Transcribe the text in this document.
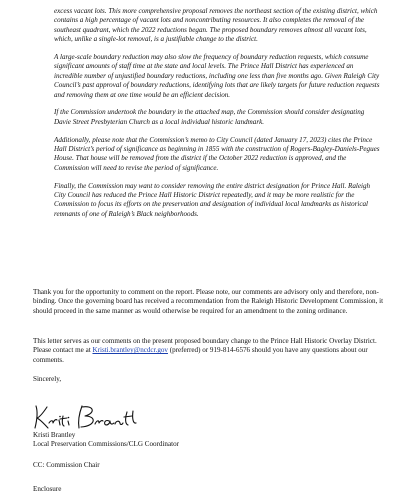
excess vacant lots. This more comprehensive proposal removes the northeast section of the existing district, which contains a high percentage of vacant lots and noncontributing resources. It also completes the removal of the southeast quadrant, which the 2022 reductions began. The proposed boundary removes almost all vacant lots, which, unlike a single-lot removal, is a justifiable change to the district.

A large-scale boundary reduction may also slow the frequency of boundary reduction requests, which consume significant amounts of staff time at the state and local levels. The Prince Hall District has experienced an incredible number of unjustified boundary reductions, including one less than five months ago. Given Raleigh City Council’s past approval of boundary reductions, identifying lots that are likely targets for future reduction requests and removing them at one time would be an efficient decision.

If the Commission undertook the boundary in the attached map, the Commission should consider designating Davie Street Presbyterian Church as a local individual historic landmark.

Additionally, please note that the Commission’s memo to City Council (dated January 17, 2023) cites the Prince Hall District’s period of significance as beginning in 1855 with the construction of Rogers-Bagley-Daniels-Pegues House. That house will be removed from the district if the October 2022 reduction is approved, and the Commission will need to revise the period of significance.

Finally, the Commission may want to consider removing the entire district designation for Prince Hall. Raleigh City Council has reduced the Prince Hall Historic District repeatedly, and it may be more realistic for the Commission to focus its efforts on the preservation and designation of individual local landmarks as historical remnants of one of Raleigh’s Black neighborhoods.

Thank you for the opportunity to comment on the report. Please note, our comments are advisory only and therefore, non-binding. Once the governing board has received a recommendation from the Raleigh Historic Development Commission, it should proceed in the same manner as would otherwise be required for an amendment to the zoning ordinance.

This letter serves as our comments on the present proposed boundary change to the Prince Hall Historic Overlay District. Please contact me at Kristi.brantley@ncdcr.gov (preferred) or 919-814-6576 should you have any questions about our comments.

Sincerely,

Kristi Brantley

Local Preservation Commissions/CLG Coordinator

CC: Commission Chair
Enclosure
